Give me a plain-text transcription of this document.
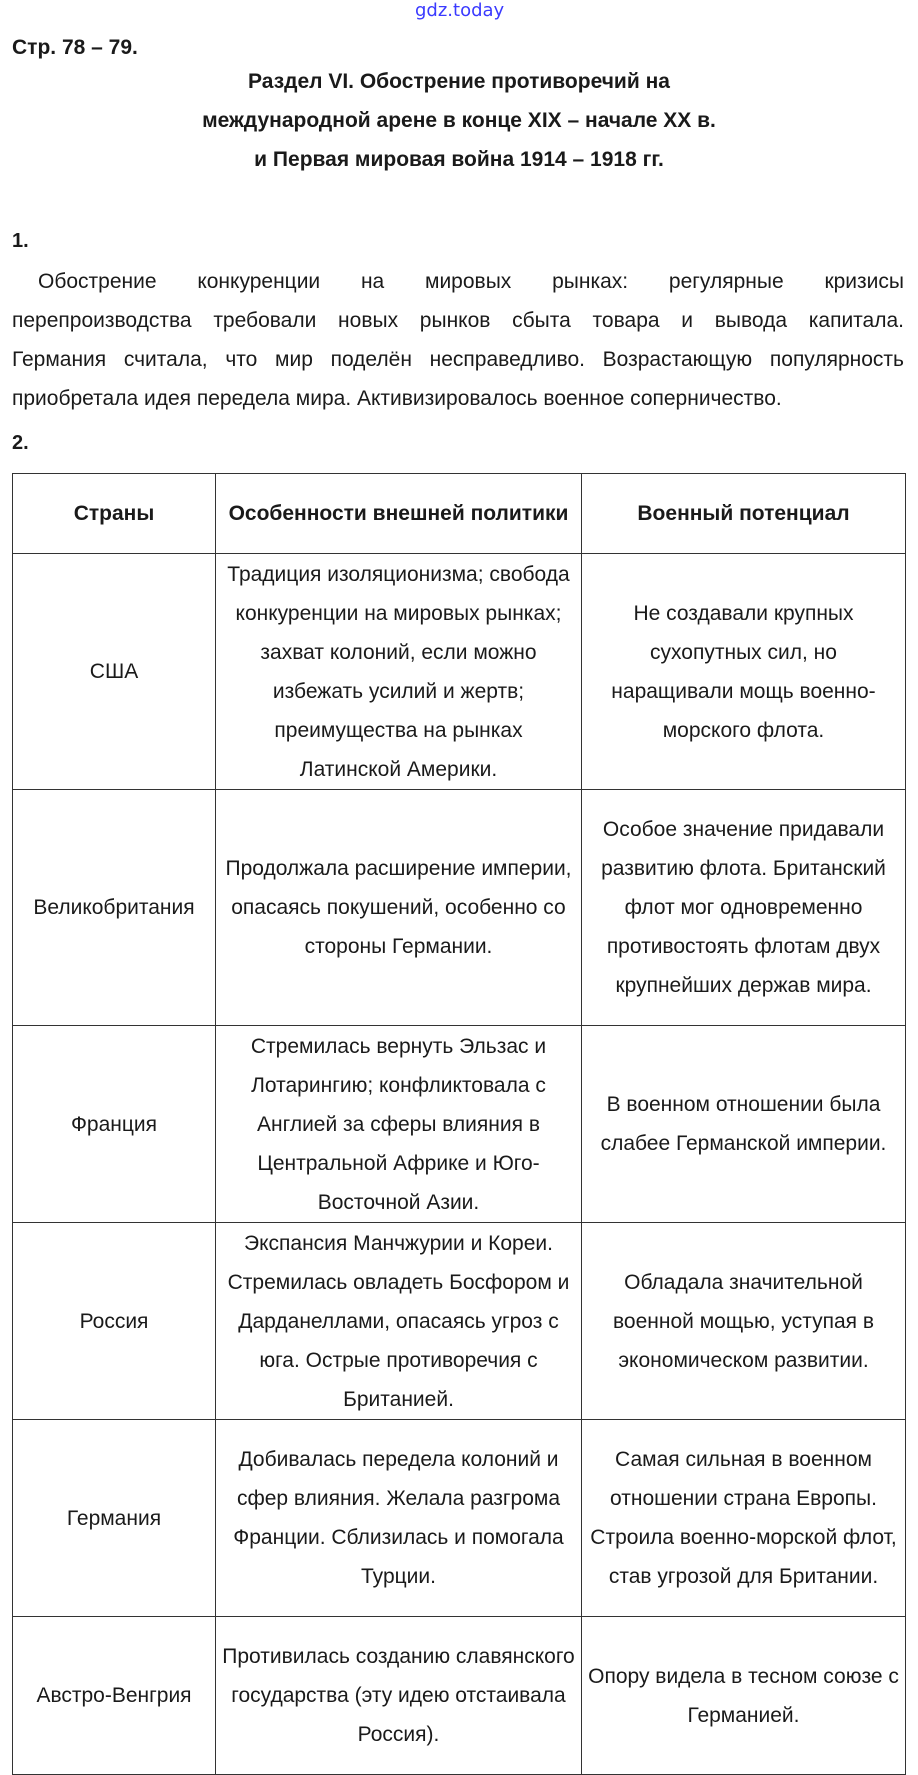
gdz.today
Стр. 78 – 79.
Раздел VI. Обострение противоречий на
международной арене в конце XIX – начале XX в.
и Первая мировая война 1914 – 1918 гг.
1.
Обострение конкуренции на мировых рынках: регулярные кризисы
перепроизводства требовали новых рынков сбыта товара и вывода капитала.
Германия считала, что мир поделён несправедливо. Возрастающую популярность
приобретала идея передела мира. Активизировалось военное соперничество.
2.
Страны	Особенности внешней политики	Военный потенциал
США	Традиция изоляционизма; свобода конкуренции на мировых рынках; захват колоний, если можно избежать усилий и жертв; преимущества на рынках Латинской Америки.	Не создавали крупных сухопутных сил, но наращивали мощь военно-морского флота.
Великобритания	Продолжала расширение империи, опасаясь покушений, особенно со стороны Германии.	Особое значение придавали развитию флота. Британский флот мог одновременно противостоять флотам двух крупнейших держав мира.
Франция	Стремилась вернуть Эльзас и Лотарингию; конфликтовала с Англией за сферы влияния в Центральной Африке и Юго-Восточной Азии.	В военном отношении была слабее Германской империи.
Россия	Экспансия Манчжурии и Кореи. Стремилась овладеть Босфором и Дарданеллами, опасаясь угроз с юга. Острые противоречия с Британией.	Обладала значительной военной мощью, уступая в экономическом развитии.
Германия	Добивалась передела колоний и сфер влияния. Желала разгрома Франции. Сблизилась и помогала Турции.	Самая сильная в военном отношении страна Европы. Строила военно-морской флот, став угрозой для Британии.
Австро-Венгрия	Противилась созданию славянского государства (эту идею отстаивала Россия).	Опору видела в тесном союзе с Германией.
